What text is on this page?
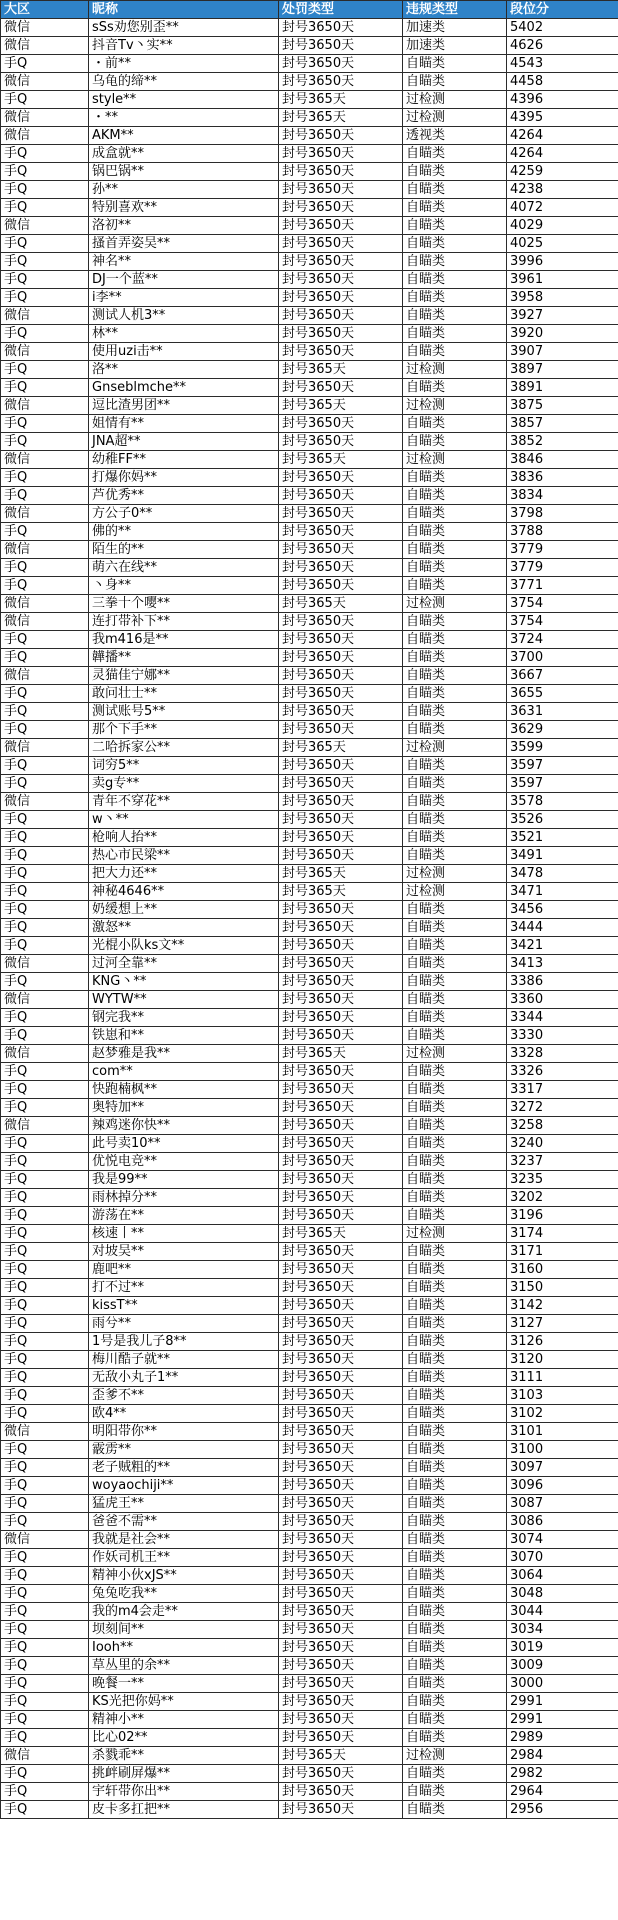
大区	昵称	处罚类型	违规类型	段位分
微信	sSs劝您别歪**	封号3650天	加速类	5402
微信	抖音Tv丶实**	封号3650天	加速类	4626
手Q	・前**	封号3650天	自瞄类	4543
微信	乌龟的缔**	封号3650天	自瞄类	4458
手Q	style**	封号365天	过检测	4396
微信	・**	封号365天	过检测	4395
微信	AKM**	封号3650天	透视类	4264
手Q	成盒就**	封号3650天	自瞄类	4264
手Q	锅巴锅**	封号3650天	自瞄类	4259
手Q	孙**	封号3650天	自瞄类	4238
手Q	特别喜欢**	封号3650天	自瞄类	4072
微信	洛初**	封号3650天	自瞄类	4029
手Q	搔首弄姿吴**	封号3650天	自瞄类	4025
手Q	神名**	封号3650天	自瞄类	3996
手Q	DJ一个蓝**	封号3650天	自瞄类	3961
手Q	i李**	封号3650天	自瞄类	3958
微信	测试人机3**	封号3650天	自瞄类	3927
手Q	林**	封号3650天	自瞄类	3920
微信	使用uzi击**	封号3650天	自瞄类	3907
手Q	洛**	封号365天	过检测	3897
手Q	Gnseblmche**	封号3650天	自瞄类	3891
微信	逗比渣男团**	封号365天	过检测	3875
手Q	姐情有**	封号3650天	自瞄类	3857
手Q	JNA超**	封号3650天	自瞄类	3852
微信	幼稚FF**	封号365天	过检测	3846
手Q	打爆你妈**	封号3650天	自瞄类	3836
手Q	芦优秀**	封号3650天	自瞄类	3834
微信	方公子0**	封号3650天	自瞄类	3798
手Q	佛的**	封号3650天	自瞄类	3788
微信	陌生的**	封号3650天	自瞄类	3779
手Q	萌六在线**	封号3650天	自瞄类	3779
手Q	丶身**	封号3650天	自瞄类	3771
微信	三拳十个嘤**	封号365天	过检测	3754
微信	连打带补下**	封号3650天	自瞄类	3754
手Q	我m416是**	封号3650天	自瞄类	3724
手Q	韡播**	封号3650天	自瞄类	3700
微信	灵猫佳宁娜**	封号3650天	自瞄类	3667
手Q	敢问壮士**	封号3650天	自瞄类	3655
手Q	测试账号5**	封号3650天	自瞄类	3631
手Q	那个下手**	封号3650天	自瞄类	3629
微信	二哈拆家公**	封号365天	过检测	3599
手Q	词穷5**	封号3650天	自瞄类	3597
手Q	卖g专**	封号3650天	自瞄类	3597
微信	青年不穿花**	封号3650天	自瞄类	3578
手Q	w丶**	封号3650天	自瞄类	3526
手Q	枪响人抬**	封号3650天	自瞄类	3521
手Q	热心市民梁**	封号3650天	自瞄类	3491
手Q	把大力还**	封号365天	过检测	3478
手Q	神秘4646**	封号365天	过检测	3471
手Q	奶缓想上**	封号3650天	自瞄类	3456
手Q	激怒**	封号3650天	自瞄类	3444
手Q	光棍小队ks文**	封号3650天	自瞄类	3421
微信	过河全靠**	封号3650天	自瞄类	3413
手Q	KNG丶**	封号3650天	自瞄类	3386
微信	WYTW**	封号3650天	自瞄类	3360
手Q	钢完我**	封号3650天	自瞄类	3344
手Q	铁崽和**	封号3650天	自瞄类	3330
微信	赵梦雅是我**	封号365天	过检测	3328
手Q	com**	封号3650天	自瞄类	3326
手Q	快跑楠枫**	封号3650天	自瞄类	3317
手Q	奥特加**	封号3650天	自瞄类	3272
微信	辣鸡迷你快**	封号3650天	自瞄类	3258
手Q	此号卖10**	封号3650天	自瞄类	3240
手Q	优悦电竞**	封号3650天	自瞄类	3237
手Q	我是99**	封号3650天	自瞄类	3235
手Q	雨林掉分**	封号3650天	自瞄类	3202
手Q	游荡在**	封号3650天	自瞄类	3196
手Q	核速丨**	封号365天	过检测	3174
手Q	对坡吴**	封号3650天	自瞄类	3171
手Q	鹿吧**	封号3650天	自瞄类	3160
手Q	打不过**	封号3650天	自瞄类	3150
手Q	kissT**	封号3650天	自瞄类	3142
手Q	雨兮**	封号3650天	自瞄类	3127
手Q	1号是我儿子8**	封号3650天	自瞄类	3126
手Q	梅川酷子就**	封号3650天	自瞄类	3120
手Q	无敌小丸子1**	封号3650天	自瞄类	3111
手Q	歪爹不**	封号3650天	自瞄类	3103
手Q	欧4**	封号3650天	自瞄类	3102
微信	明阳带你**	封号3650天	自瞄类	3101
手Q	霰雳**	封号3650天	自瞄类	3100
手Q	老子贼粗的**	封号3650天	自瞄类	3097
手Q	woyaochiji**	封号3650天	自瞄类	3096
手Q	猛虎王**	封号3650天	自瞄类	3087
手Q	爸爸不需**	封号3650天	自瞄类	3086
微信	我就是社会**	封号3650天	自瞄类	3074
手Q	作妖司机王**	封号3650天	自瞄类	3070
手Q	精神小伙xJS**	封号3650天	自瞄类	3064
手Q	兔兔吃我**	封号3650天	自瞄类	3048
手Q	我的m4会走**	封号3650天	自瞄类	3044
手Q	坝刻间**	封号3650天	自瞄类	3034
手Q	Iooh**	封号3650天	自瞄类	3019
手Q	草丛里的余**	封号3650天	自瞄类	3009
手Q	晚餐一**	封号3650天	自瞄类	3000
手Q	KS光把你妈**	封号3650天	自瞄类	2991
手Q	精神小**	封号3650天	自瞄类	2991
手Q	比心02**	封号3650天	自瞄类	2989
微信	杀戮乖**	封号365天	过检测	2984
手Q	挑衅刷屏爆**	封号3650天	自瞄类	2982
手Q	宇轩带你出**	封号3650天	自瞄类	2964
手Q	皮卡多扛把**	封号3650天	自瞄类	2956
